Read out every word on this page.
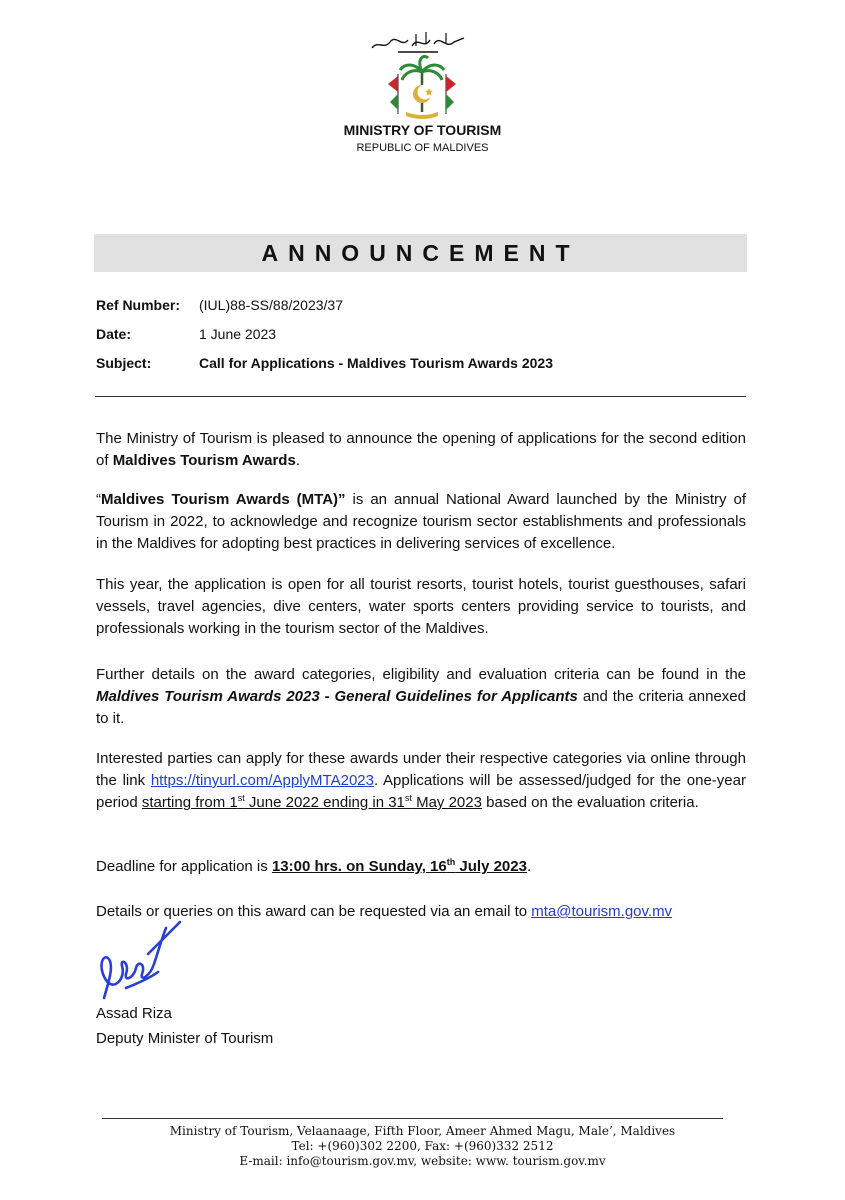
MINISTRY OF TOURISM
REPUBLIC OF MALDIVES
ANNOUNCEMENT
Ref Number:	(IUL)88-SS/88/2023/37
Date:	1 June 2023
Subject:	Call for Applications - Maldives Tourism Awards 2023
The Ministry of Tourism is pleased to announce the opening of applications for the second edition of Maldives Tourism Awards.
“Maldives Tourism Awards (MTA)” is an annual National Award launched by the Ministry of Tourism in 2022, to acknowledge and recognize tourism sector establishments and professionals in the Maldives for adopting best practices in delivering services of excellence.
This year, the application is open for all tourist resorts, tourist hotels, tourist guesthouses, safari vessels, travel agencies, dive centers, water sports centers providing service to tourists, and professionals working in the tourism sector of the Maldives.
Further details on the award categories, eligibility and evaluation criteria can be found in the Maldives Tourism Awards 2023 - General Guidelines for Applicants and the criteria annexed to it.
Interested parties can apply for these awards under their respective categories via online through the link https://tinyurl.com/ApplyMTA2023. Applications will be assessed/judged for the one-year period starting from 1st June 2022 ending in 31st May 2023 based on the evaluation criteria.
Deadline for application is 13:00 hrs. on Sunday, 16th July 2023.
Details or queries on this award can be requested via an email to mta@tourism.gov.mv
Assad Riza
Deputy Minister of Tourism
Ministry of Tourism, Velaanaage, Fifth Floor, Ameer Ahmed Magu, Male’, Maldives
Tel: +(960)302 2200, Fax: +(960)332 2512
E-mail: info@tourism.gov.mv, website: www. tourism.gov.mv
